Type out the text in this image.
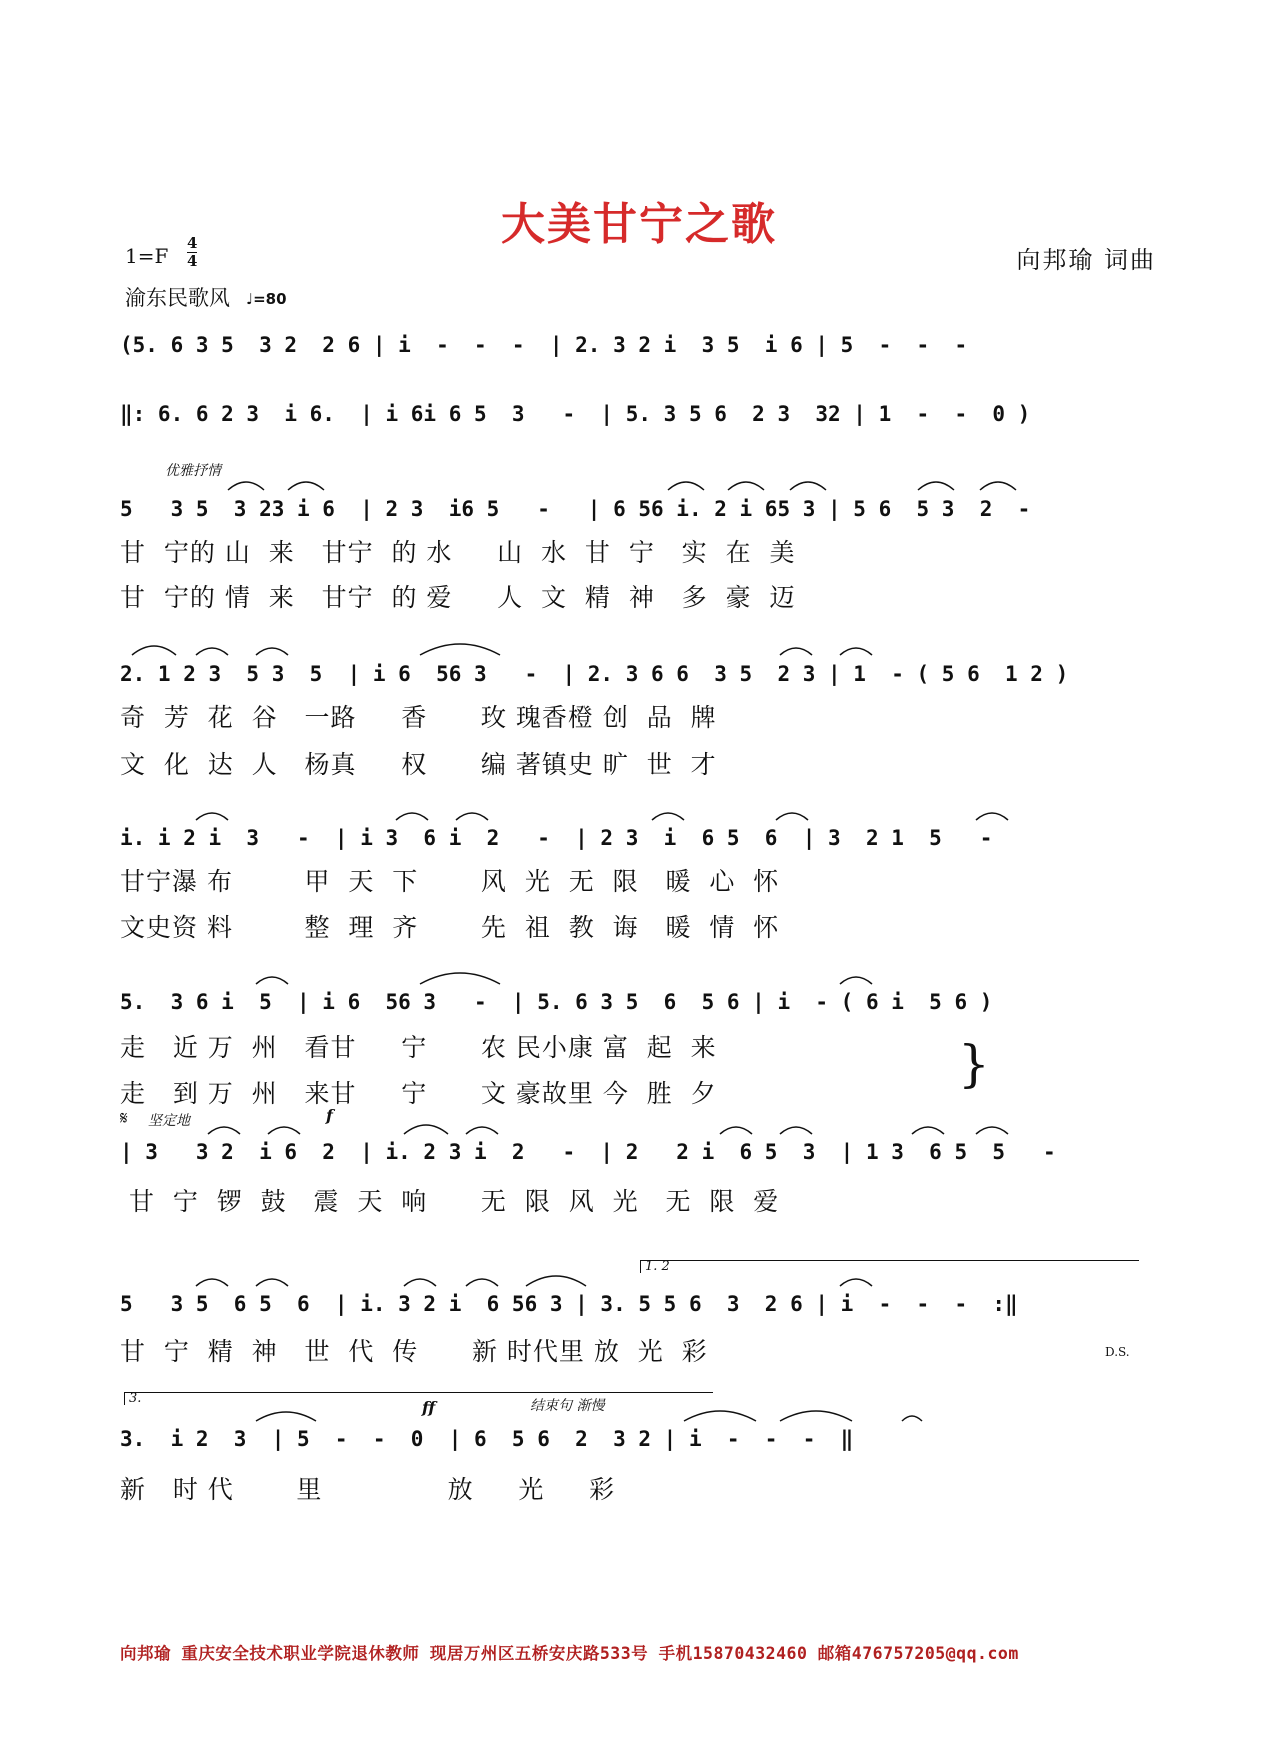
大美甘宁之歌
1=F
4
4
渝东民歌风 ♩=80
向邦瑜 词曲
(5. 6 3 5  3 2  2 6 | i  -  -  -  | 2. 3 2 i  3 5  i 6 | 5  -  -  -
‖: 6. 6 2 3  i 6.  | i 6i 6 5  3   -  | 5. 3 5 6  2 3  32 | 1  -  -  0 )
优雅抒情
5   3 5  3 23 i 6  | 2 3  i6 5   -   | 6 56 i. 2 i 65 3 | 5 6  5 3  2  -
甘  宁的 山  来   甘宁  的 水     山  水  甘  宁   实  在  美
甘  宁的 情  来   甘宁  的 爱     人  文  精  神   多  豪  迈
2. 1 2 3  5 3  5  | i 6  56 3   -  | 2. 3 6 6  3 5  2 3 | 1  - ( 5 6  1 2 )
奇  芳  花  谷   一路     香      玫 瑰香橙 创  品  牌
文  化  达  人   杨真     权      编 著镇史 旷  世  才
i. i 2 i  3   -  | i 3  6 i  2   -  | 2 3  i  6 5  6  | 3  2 1  5   -
甘宁瀑 布        甲  天  下       风  光  无  限   暖  心  怀
文史资 料        整  理  齐       先  祖  教  诲   暖  情  怀
5.  3 6 i  5  | i 6  56 3   -  | 5. 6 3 5  6  5 6 | i  - ( 6 i  5 6 )
走   近 万  州   看甘     宁      农 民小康 富  起  来
走   到 万  州   来甘     宁      文 豪故里 今  胜  夕
}
𝄋 坚定地	f
| 3   3 2  i 6  2  | i. 2 3 i  2   -  | 2   2 i  6 5  3  | 1 3  6 5  5   -
甘  宁  锣  鼓   震  天  响      无  限  风  光   无  限  爱
1. 2
5   3 5  6 5  6  | i. 3 2 i  6 56 3 | 3. 5 5 6  3  2 6 | i  -  -  -  :‖
甘  宁  精  神   世  代  传      新 时代里 放  光  彩	D.S.
3.	ff	结束句 渐慢
3.  i 2  3  | 5  -  -  0  | 6  5 6  2  3 2 | i  -  -  -  ‖
新   时 代       里              放     光     彩
向邦瑜 重庆安全技术职业学院退休教师 现居万州区五桥安庆路533号 手机15870432460 邮箱476757205@qq.com
